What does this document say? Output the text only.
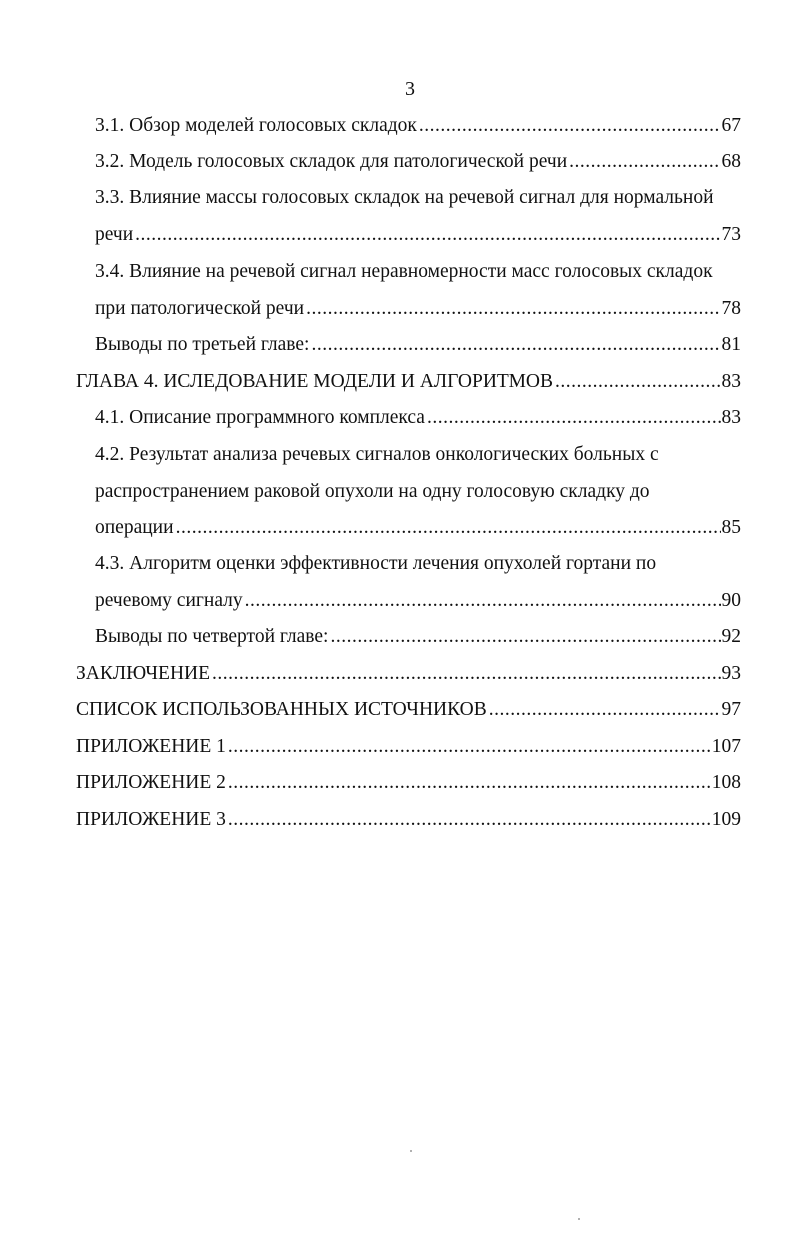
3
3.1. Обзор моделей голосовых складок .....	67
3.2. Модель голосовых складок для патологической речи .....	68
3.3. Влияние массы голосовых складок на речевой сигнал для нормальной
речи .....	73
3.4. Влияние на речевой сигнал неравномерности масс голосовых складок
при патологической речи .....	78
Выводы по третьей главе: .....	81
ГЛАВА 4. ИСЛЕДОВАНИЕ МОДЕЛИ И АЛГОРИТМОВ .....	83
4.1. Описание программного комплекса .....	83
4.2. Результат анализа речевых сигналов онкологических больных с
распространением раковой опухоли на одну голосовую складку до
операции .....	85
4.3. Алгоритм оценки эффективности лечения опухолей гортани по
речевому сигналу .....	90
Выводы по четвертой главе: .....	92
ЗАКЛЮЧЕНИЕ .....	93
СПИСОК ИСПОЛЬЗОВАННЫХ ИСТОЧНИКОВ .....	97
ПРИЛОЖЕНИЕ 1 .....	107
ПРИЛОЖЕНИЕ 2 .....	108
ПРИЛОЖЕНИЕ 3 .....	109
